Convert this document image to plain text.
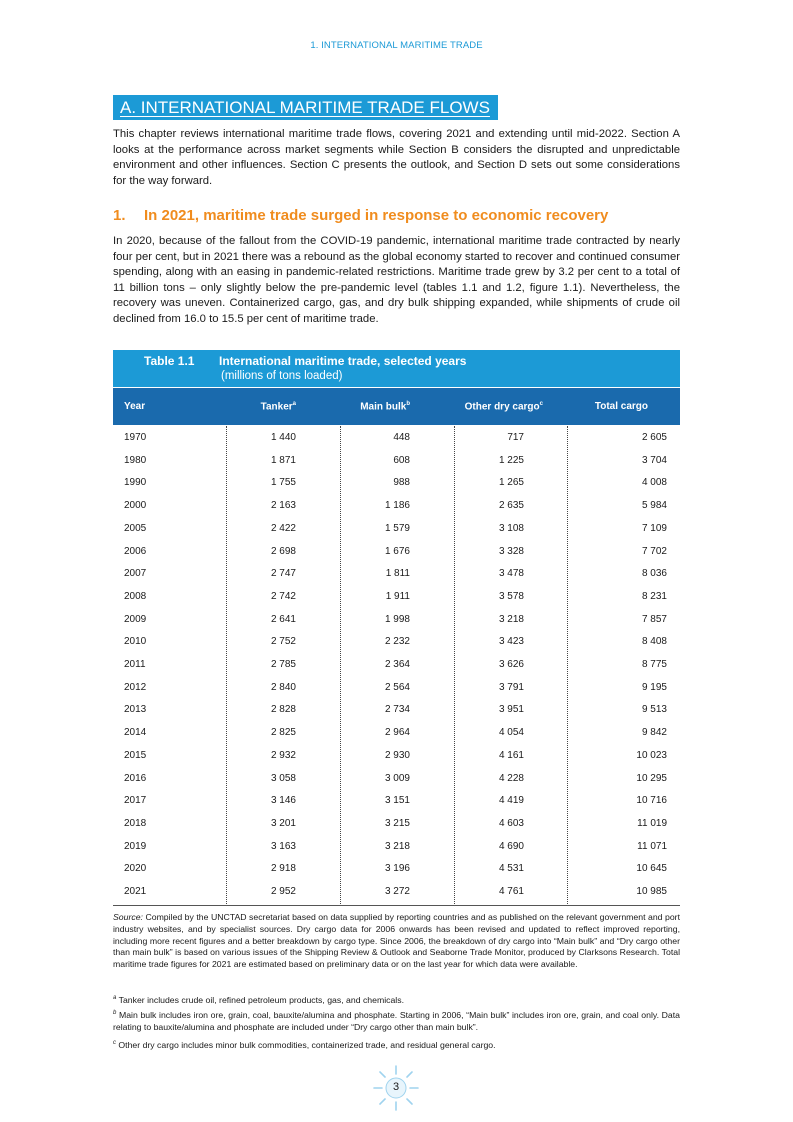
1. INTERNATIONAL MARITIME TRADE
A. INTERNATIONAL MARITIME TRADE FLOWS

This chapter reviews international maritime trade flows, covering 2021 and extending until mid-2022. Section A looks at the performance across market segments while Section B considers the disrupted and unpredictable environment and other influences. Section C presents the outlook, and Section D sets out some considerations for the way forward.

1. In 2021, maritime trade surged in response to economic recovery

In 2020, because of the fallout from the COVID-19 pandemic, international maritime trade contracted by nearly four per cent, but in 2021 there was a rebound as the global economy started to recover and continued consumer spending, along with an easing in pandemic-related restrictions. Maritime trade grew by 3.2 per cent to a total of 11 billion tons – only slightly below the pre-pandemic level (tables 1.1 and 1.2, figure 1.1). Nevertheless, the recovery was uneven. Containerized cargo, gas, and dry bulk shipping expanded, while shipments of crude oil declined from 16.0 to 15.5 per cent of maritime trade.

Table 1.1 International maritime trade, selected years
(millions of tons loaded)
Year	Tanker$^a$	Main bulk$^b$	Other dry cargo$^c$	Total cargo
1970	1 440	448	717	2 605
1980	1 871	608	1 225	3 704
1990	1 755	988	1 265	4 008
2000	2 163	1 186	2 635	5 984
2005	2 422	1 579	3 108	7 109
2006	2 698	1 676	3 328	7 702
2007	2 747	1 811	3 478	8 036
2008	2 742	1 911	3 578	8 231
2009	2 641	1 998	3 218	7 857
2010	2 752	2 232	3 423	8 408
2011	2 785	2 364	3 626	8 775
2012	2 840	2 564	3 791	9 195
2013	2 828	2 734	3 951	9 513
2014	2 825	2 964	4 054	9 842
2015	2 932	2 930	4 161	10 023
2016	3 058	3 009	4 228	10 295
2017	3 146	3 151	4 419	10 716
2018	3 201	3 215	4 603	11 019
2019	3 163	3 218	4 690	11 071
2020	2 918	3 196	4 531	10 645
2021	2 952	3 272	4 761	10 985

Source: Compiled by the UNCTAD secretariat based on data supplied by reporting countries and as published on the relevant government and port industry websites, and by specialist sources. Dry cargo data for 2006 onwards has been revised and updated to reflect improved reporting, including more recent figures and a better breakdown by cargo type. Since 2006, the breakdown of dry cargo into “Main bulk” and “Dry cargo other than main bulk” is based on various issues of the Shipping Review & Outlook and Seaborne Trade Monitor, produced by Clarksons Research. Total maritime trade figures for 2021 are estimated based on preliminary data or on the last year for which data were available.

$^a$ Tanker includes crude oil, refined petroleum products, gas, and chemicals.

$^b$ Main bulk includes iron ore, grain, coal, bauxite/alumina and phosphate. Starting in 2006, “Main bulk” includes iron ore, grain, and coal only. Data relating to bauxite/alumina and phosphate are included under “Dry cargo other than main bulk”.

$^c$ Other dry cargo includes minor bulk commodities, containerized trade, and residual general cargo.

3
